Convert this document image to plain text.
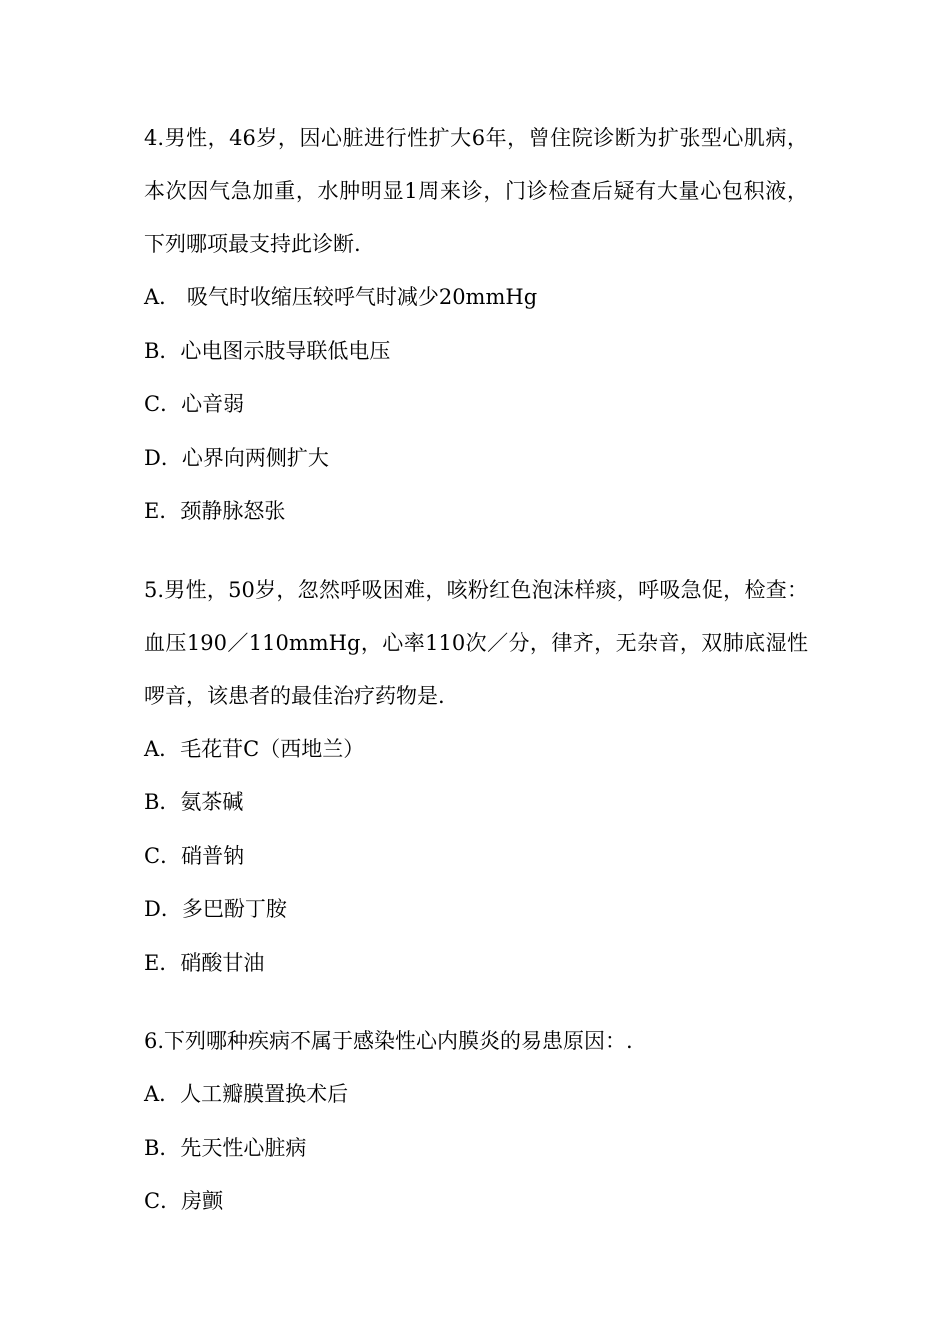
4.男性，46岁，因心脏进行性扩大6年，曾住院诊断为扩张型心肌病，本次因气急加重，水肿明显1周来诊，门诊检查后疑有大量心包积液，下列哪项最支持此诊断.

A． 吸气时收缩压较呼气时减少20mmHg

B．心电图示肢导联低电压

C．心音弱

D．心界向两侧扩大

E．颈静脉怒张

5.男性，50岁，忽然呼吸困难，咳粉红色泡沫样痰，呼吸急促，检查：血压190／110mmHg，心率110次／分，律齐，无杂音，双肺底湿性啰音，该患者的最佳治疗药物是.

A．毛花苷C（西地兰）

B．氨茶碱

C．硝普钠

D．多巴酚丁胺

E．硝酸甘油

6.下列哪种疾病不属于感染性心内膜炎的易患原因：.

A．人工瓣膜置换术后

B．先天性心脏病

C．房颤
